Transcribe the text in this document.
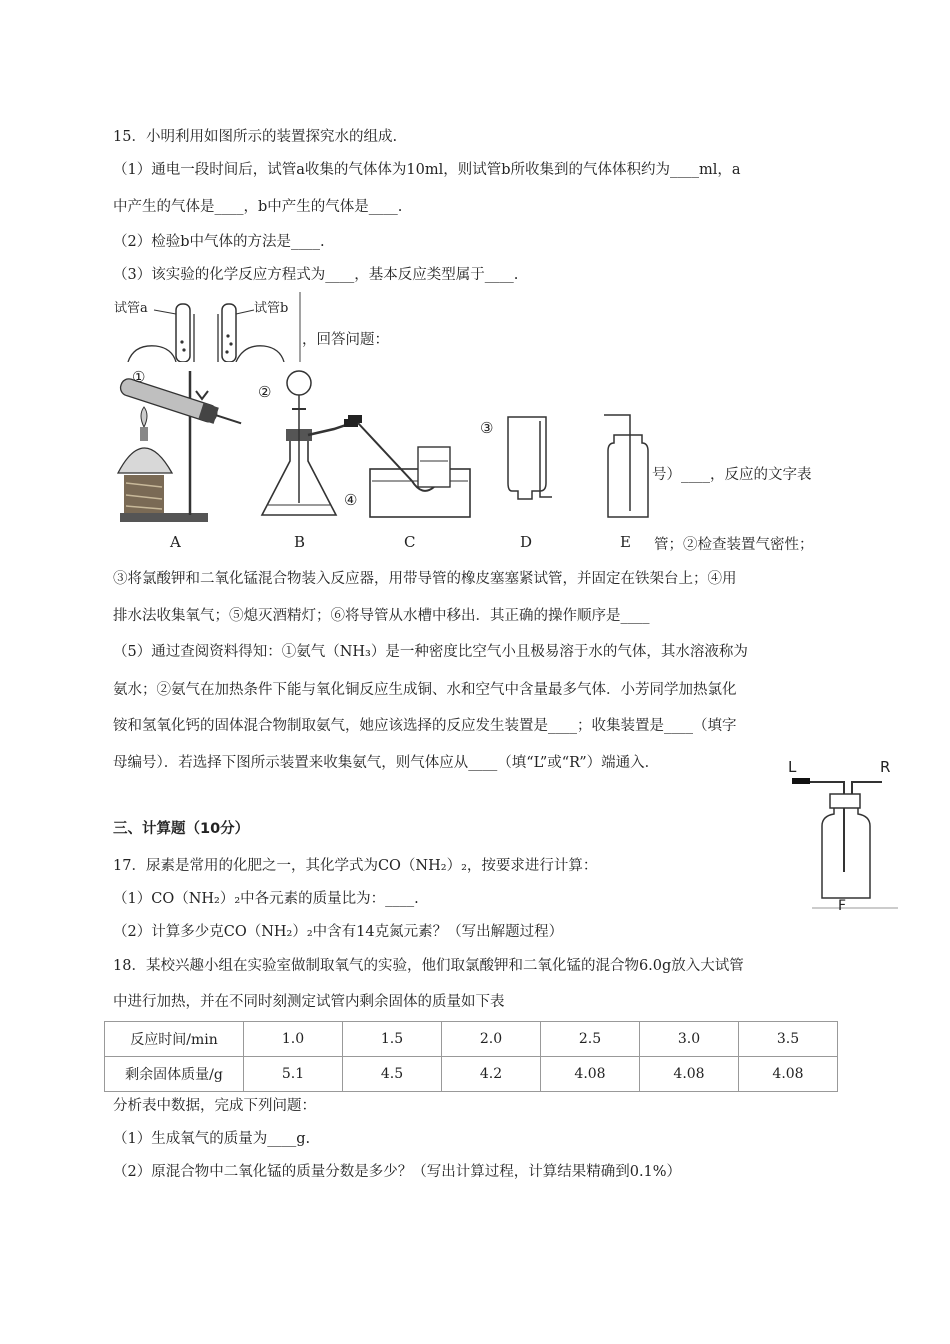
15．小明利用如图所示的装置探究水的组成.
（1）通电一段时间后，试管a收集的气体体为10ml，则试管b所收集到的气体体积约为____ml，a
中产生的气体是____，b中产生的气体是____.
（2）检验b中气体的方法是____.
（3）该实验的化学反应方程式为____，基本反应类型属于____.
试管a	试管b
，回答问题：
①
A
②
B
④
C
③
D	E
号）____，反应的文字表
管；②检查装置气密性；
③将氯酸钾和二氧化锰混合物装入反应器，用带导管的橡皮塞塞紧试管，并固定在铁架台上；④用
排水法收集氧气；⑤熄灭酒精灯；⑥将导管从水槽中移出．其正确的操作顺序是____
（5）通过查阅资料得知：①氨气（NH₃）是一种密度比空气小且极易溶于水的气体，其水溶液称为
氨水；②氨气在加热条件下能与氧化铜反应生成铜、水和空气中含量最多气体．小芳同学加热氯化
铵和氢氧化钙的固体混合物制取氨气，她应该选择的反应发生装置是____；收集装置是____（填字
母编号）．若选择下图所示装置来收集氨气，则气体应从____（填“L”或“R”）端通入．	L	R
F
三、计算题（10分）
17．尿素是常用的化肥之一，其化学式为CO（NH₂）₂，按要求进行计算：
（1）CO（NH₂）₂中各元素的质量比为：____.
（2）计算多少克CO（NH₂）₂中含有14克氮元素？（写出解题过程）
18．某校兴趣小组在实验室做制取氧气的实验，他们取氯酸钾和二氧化锰的混合物6.0g放入大试管
中进行加热，并在不同时刻测定试管内剩余固体的质量如下表
反应时间/min	1.0	1.5	2.0	2.5	3.0	3.5
剩余固体质量/g	5.1	4.5	4.2	4.08	4.08	4.08
分析表中数据，完成下列问题：
（1）生成氧气的质量为____g.
（2）原混合物中二氧化锰的质量分数是多少？（写出计算过程，计算结果精确到0.1%）
